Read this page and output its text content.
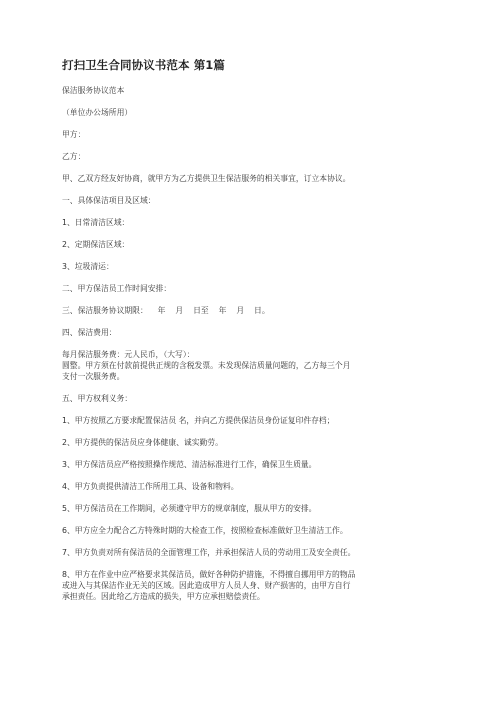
打扫卫生合同协议书范本 第1篇
保洁服务协议范本
（单位办公场所用）
甲方：
乙方：
甲、乙双方经友好协商，就甲方为乙方提供卫生保洁服务的相关事宜，订立本协议。
一、具体保洁项目及区域：
1、日常清洁区域：
2、定期保洁区域：
3、垃圾清运：
二、甲方保洁员工作时间安排：
三、保洁服务协议期限：    年    月    日至    年    月    日。
四、保洁费用：
每月保洁服务费：元人民币，（大写）：
圆整。甲方须在付款前提供正规的含税发票。未发现保洁质量问题的，乙方每三个月
支付一次服务费。
五、甲方权利义务：
1、甲方按照乙方要求配置保洁员 名，并向乙方提供保洁员身份证复印件存档；
2、甲方提供的保洁员应身体健康、诚实勤劳。
3、甲方保洁员应严格按照操作规范、清洁标准进行工作，确保卫生质量。
4、甲方负责提供清洁工作所用工具、设备和物料。
5、甲方保洁员在工作期间，必须遵守甲方的规章制度，服从甲方的安排。
6、甲方应全力配合乙方特殊时期的大检查工作，按照检查标准做好卫生清洁工作。
7、甲方负责对所有保洁员的全面管理工作，并承担保洁人员的劳动用工及安全责任。
8、甲方在作业中应严格要求其保洁员，做好各种防护措施，不得擅自挪用甲方的物品
或进入与其保洁作业无关的区域。因此造成甲方人员人身、财产损害的，由甲方自行
承担责任。因此给乙方造成的损失，甲方应承担赔偿责任。
